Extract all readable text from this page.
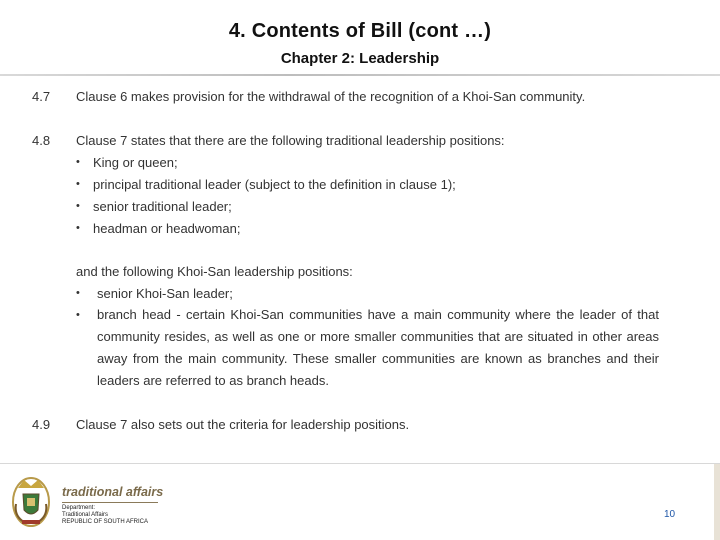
4. Contents of Bill (cont …)
Chapter 2: Leadership
4.7 Clause 6 makes provision for the withdrawal of the recognition of a Khoi-San community.
4.8 Clause 7 states that there are the following traditional leadership positions:
• King or queen;
• principal traditional leader (subject to the definition in clause 1);
• senior traditional leader;
• headman or headwoman;
and the following Khoi-San leadership positions:
• senior Khoi-San leader;
• branch head - certain Khoi-San communities have a main community where the leader of that community resides, as well as one or more smaller communities that are situated in other areas away from the main community. These smaller communities are known as branches and their leaders are referred to as branch heads.
4.9 Clause 7 also sets out the criteria for leadership positions.
traditional affairs
Department:
Traditional Affairs
REPUBLIC OF SOUTH AFRICA
10
